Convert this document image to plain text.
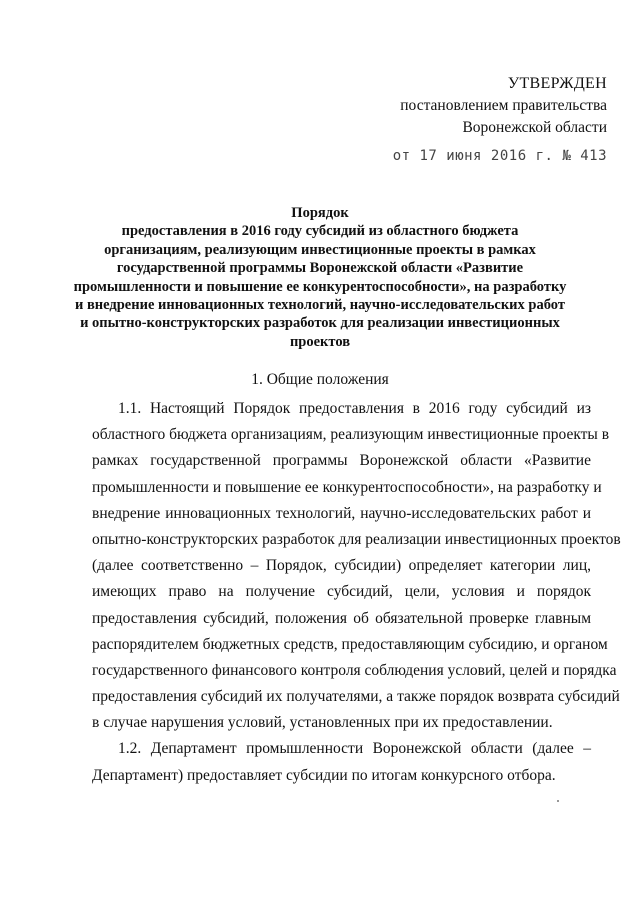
УТВЕРЖДЕН
постановлением правительства
Воронежской области
от 17 июня 2016 г. № 413
Порядок
предоставления в 2016 году субсидий из областного бюджета
организациям, реализующим инвестиционные проекты в рамках
государственной программы Воронежской области «Развитие
промышленности и повышение ее конкурентоспособности», на разработку
и внедрение инновационных технологий, научно-исследовательских работ
и опытно-конструкторских разработок для реализации инвестиционных
проектов
1. Общие положения

1.1. Настоящий Порядок предоставления в 2016 году субсидий из
областного бюджета организациям, реализующим инвестиционные проекты в
рамках государственной программы Воронежской области «Развитие
промышленности и повышение ее конкурентоспособности», на разработку и
внедрение инновационных технологий, научно-исследовательских работ и
опытно-конструкторских разработок для реализации инвестиционных проектов
(далее соответственно – Порядок, субсидии) определяет категории лиц,
имеющих право на получение субсидий, цели, условия и порядок
предоставления субсидий, положения об обязательной проверке главным
распорядителем бюджетных средств, предоставляющим субсидию, и органом
государственного финансового контроля соблюдения условий, целей и порядка
предоставления субсидий их получателями, а также порядок возврата субсидий
в случае нарушения условий, установленных при их предоставлении.

1.2. Департамент промышленности Воронежской области (далее –
Департамент) предоставляет субсидии по итогам конкурсного отбора.
